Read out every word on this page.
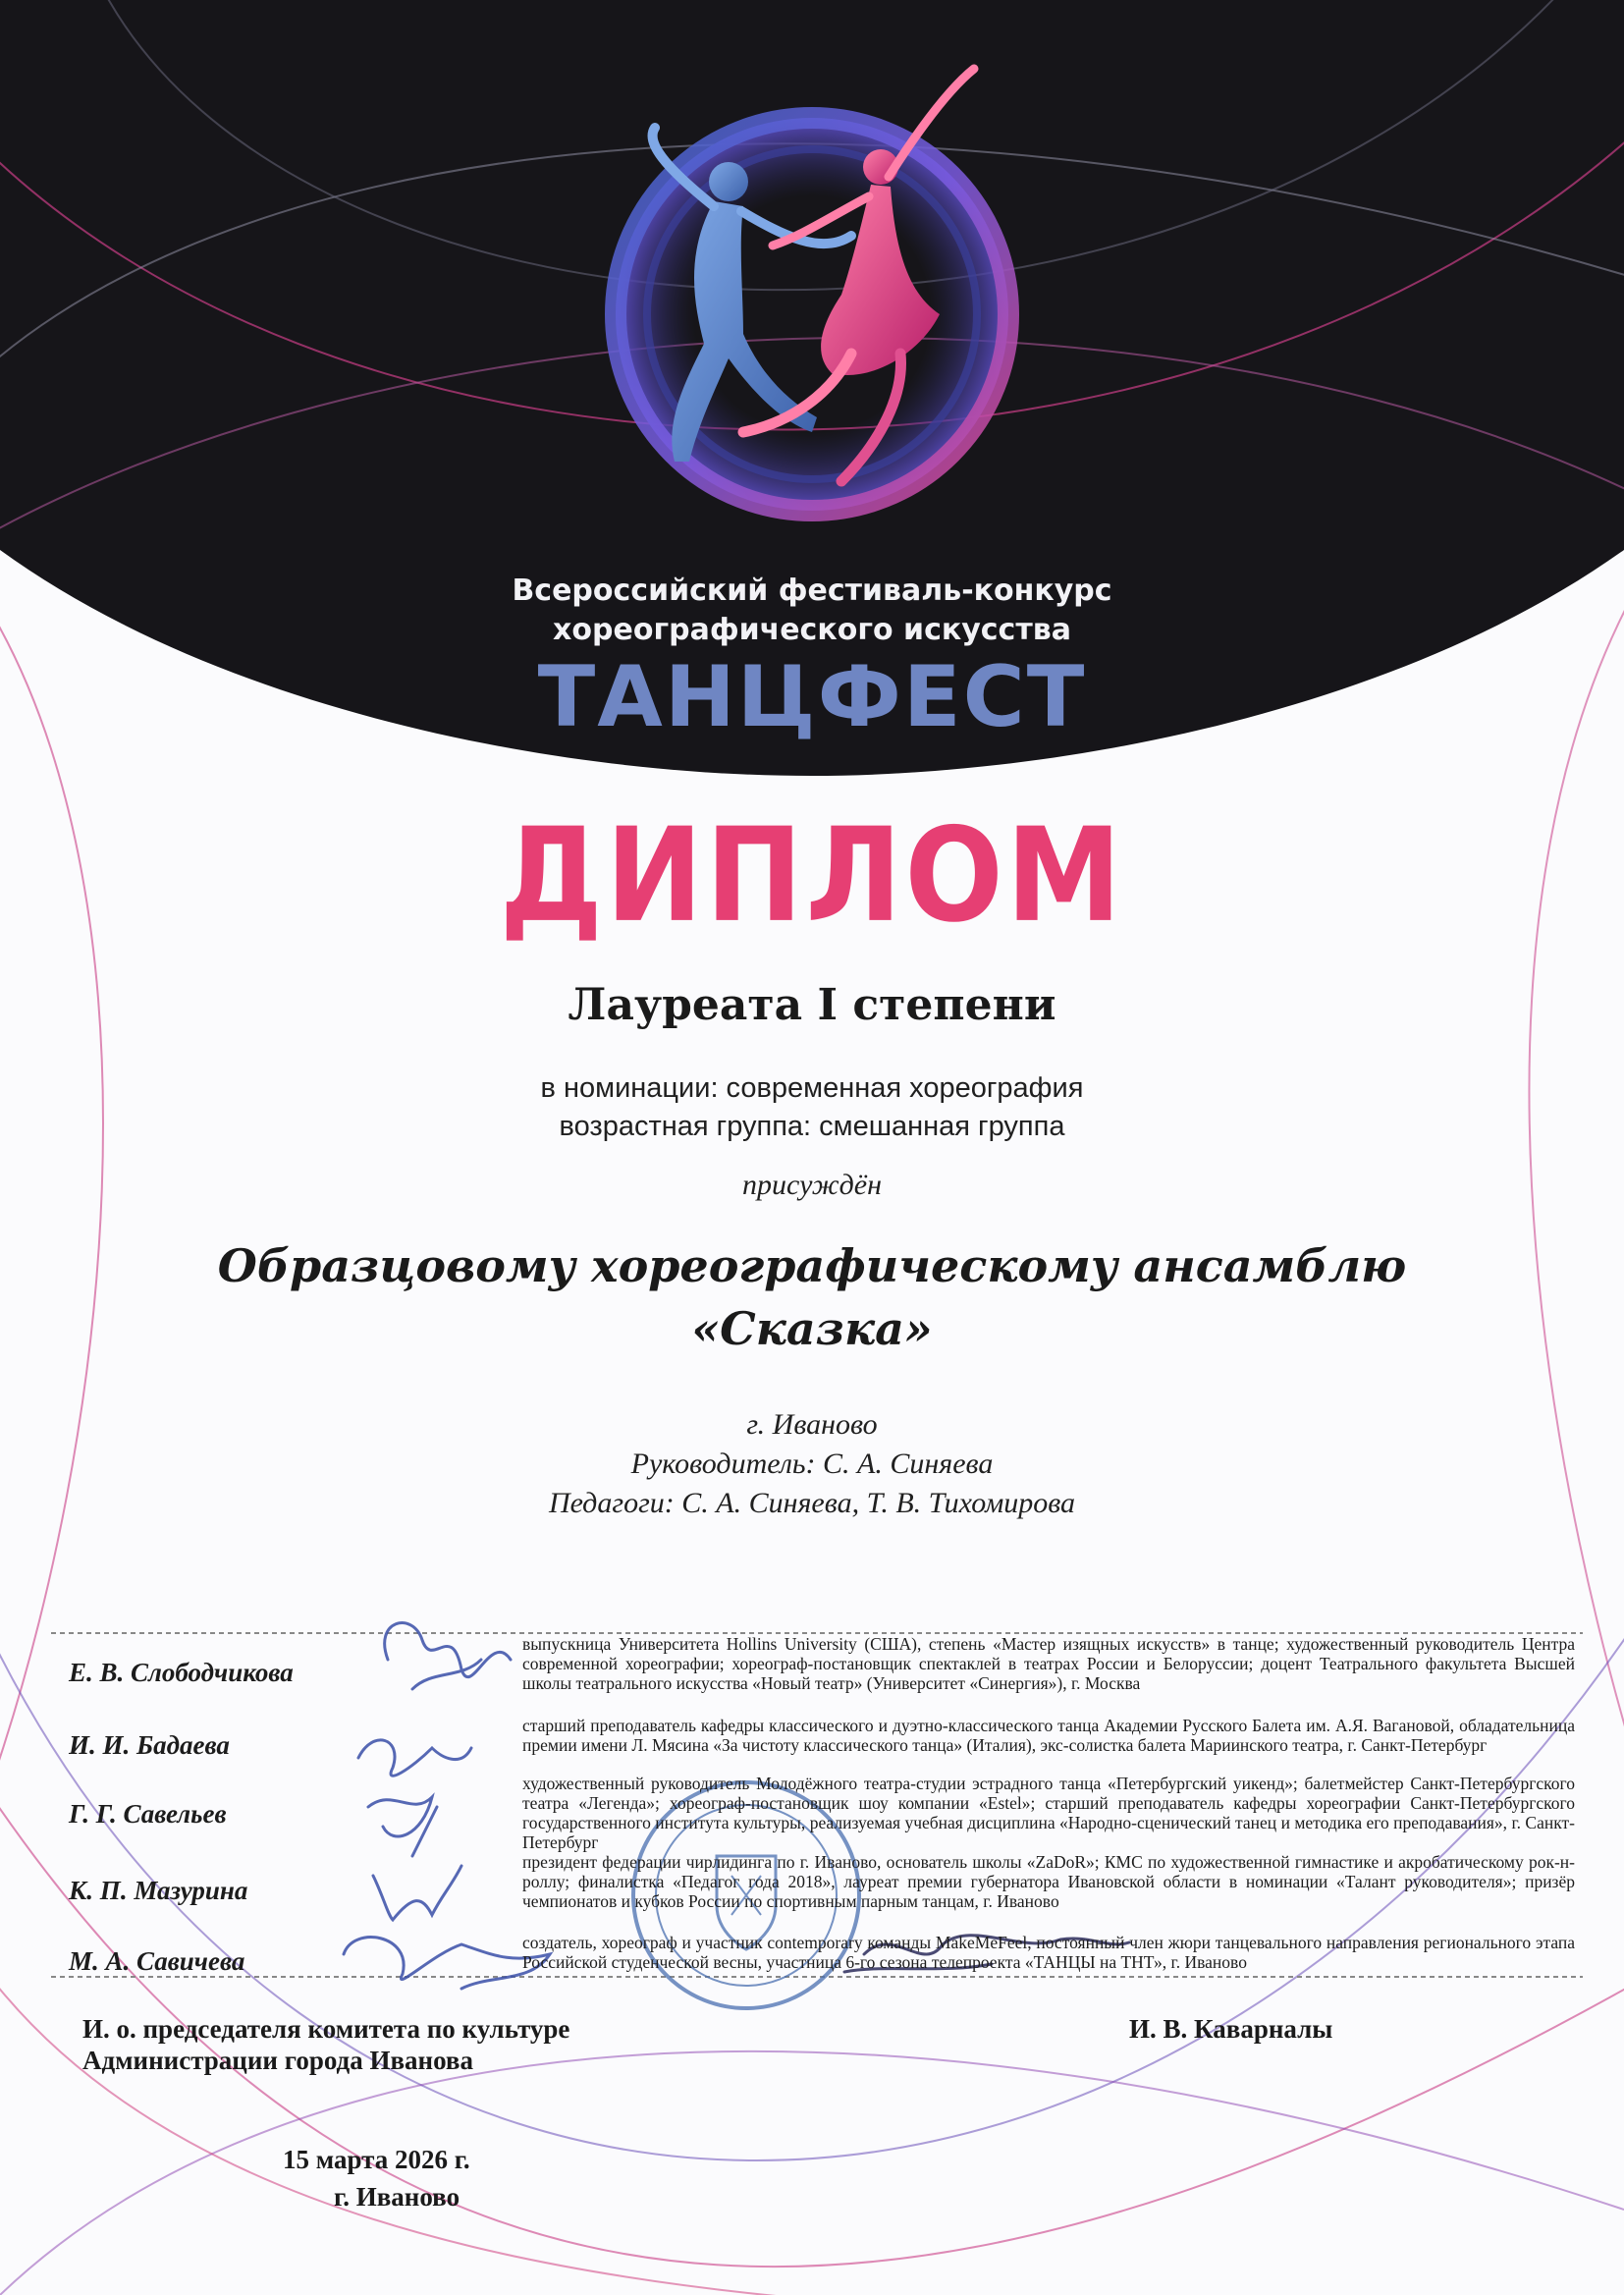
Всероссийский фестиваль-конкурс
хореографического искусства
ТАНЦФЕСТ
ДИПЛОМ
Лауреата I степени
в номинации: современная хореография
возрастная группа: смешанная группа
присуждён
Образцовому хореографическому ансамблю
«Сказка»
г. Иваново
Руководитель: С. А. Синяева
Педагоги: С. А. Синяева, Т. В. Тихомирова
Е. В. Слободчикова
выпускница Университета Hollins University (США), степень «Мастер изящных искусств» в танце; художественный руководитель Центра современной хореографии; хореограф-постановщик спектаклей в театрах России и Белоруссии; доцент Театрального факультета Высшей школы театрального искусства «Новый театр» (Университет «Синергия»), г. Москва
И. И. Бадаева
старший преподаватель кафедры классического и дуэтно-классического танца Академии Русского Балета им. А.Я. Вагановой, обладательница премии имени Л. Мясина «За чистоту классического танца» (Италия), экс-солистка балета Мариинского театра, г. Санкт-Петербург
Г. Г. Савельев
художественный руководитель Молодёжного театра-студии эстрадного танца «Петербургский уикенд»; балетмейстер Санкт-Петербургского театра «Легенда»; хореограф-постановщик шоу компании «Estel»; старший преподаватель кафедры хореографии Санкт-Петербургского государственного института культуры, реализуемая учебная дисциплина «Народно-сценический танец и методика его преподавания», г. Санкт-Петербург
К. П. Мазурина
президент федерации чирлидинга по г. Иваново, основатель школы «ZaDoR»; КМС по художественной гимнастике и акробатическому рок-н-роллу; финалистка «Педагог года 2018», лауреат премии губернатора Ивановской области в номинации «Талант руководителя»; призёр чемпионатов и кубков России по спортивным парным танцам, г. Иваново
М. А. Савичева
создатель, хореограф и участник contemporary команды MakeMeFeel, постоянный член жюри танцевального направления регионального этапа Российской студенческой весны, участница 6-го сезона телепроекта «ТАНЦЫ на ТНТ», г. Иваново
И. о. председателя комитета по культуре
Администрации города Иванова
И. В. Каварналы
15 марта 2026 г.
г. Иваново
